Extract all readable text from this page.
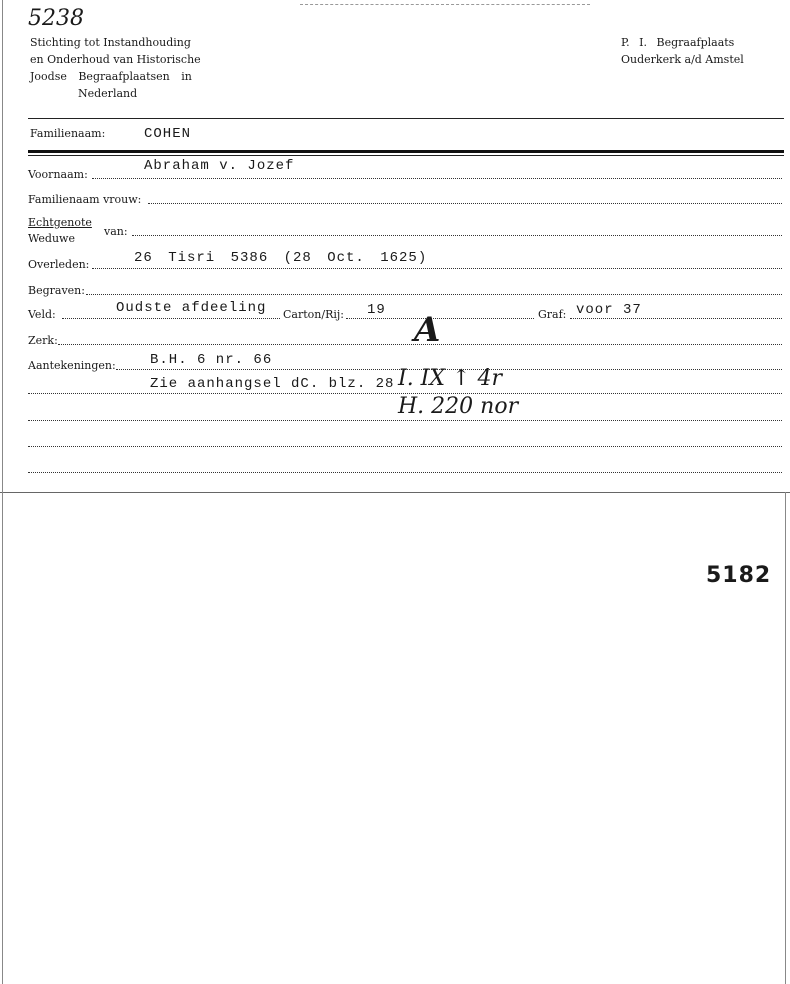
5238
Stichting tot Instandhouding
en Onderhoud van Historische
Joodse Begraafplaatsen in
Nederland
P. I. Begraafplaats
Ouderkerk a/d Amstel
Familienaam:	COHEN
Voornaam:
Abraham v. Jozef
Familienaam vrouw:
Echtgenote
Weduwe
van:
Overleden:	26 Tisri 5386 (28 Oct. 1625)
Begraven:
Veld:	Oudste afdeeling Carton/Rij: 19	Graf: voor 37
Zerk:	A
Aantekeningen: B.H. 6 nr. 66
Zie aanhangsel dC. blz. 28 Ⅰ. ⅠⅩ ↑ 4r
H. 220 nor
5182
